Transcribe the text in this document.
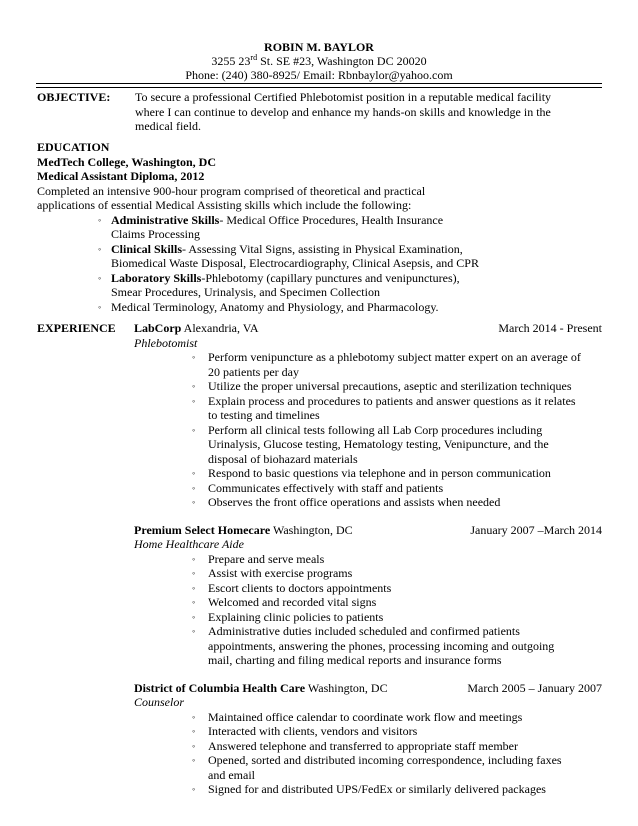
ROBIN M. BAYLOR
3255 23rd St. SE #23, Washington DC 20020
Phone: (240) 380-8925/ Email: Rbnbaylor@yahoo.com
OBJECTIVE: To secure a professional Certified Phlebotomist position in a reputable medical facility
where I can continue to develop and enhance my hands-on skills and knowledge in the
medical field.
EDUCATION
MedTech College, Washington, DC
Medical Assistant Diploma, 2012
Completed an intensive 900-hour program comprised of theoretical and practical
applications of essential Medical Assisting skills which include the following:
◦ Administrative Skills- Medical Office Procedures, Health Insurance
Claims Processing
◦ Clinical Skills- Assessing Vital Signs, assisting in Physical Examination,
Biomedical Waste Disposal, Electrocardiography, Clinical Asepsis, and CPR
◦ Laboratory Skills-Phlebotomy (capillary punctures and venipunctures),
Smear Procedures, Urinalysis, and Specimen Collection
◦ Medical Terminology, Anatomy and Physiology, and Pharmacology.
EXPERIENCE LabCorp Alexandria, VA	March 2014 - Present
Phlebotomist
◦ Perform venipuncture as a phlebotomy subject matter expert on an average of
20 patients per day
◦ Utilize the proper universal precautions, aseptic and sterilization techniques
◦ Explain process and procedures to patients and answer questions as it relates
to testing and timelines
◦ Perform all clinical tests following all Lab Corp procedures including
Urinalysis, Glucose testing, Hematology testing, Venipuncture, and the
disposal of biohazard materials
◦ Respond to basic questions via telephone and in person communication
◦ Communicates effectively with staff and patients
◦ Observes the front office operations and assists when needed
Premium Select Homecare Washington, DC	January 2007 –March 2014
Home Healthcare Aide
◦ Prepare and serve meals
◦ Assist with exercise programs
◦ Escort clients to doctors appointments
◦ Welcomed and recorded vital signs
◦ Explaining clinic policies to patients
◦ Administrative duties included scheduled and confirmed patients
appointments, answering the phones, processing incoming and outgoing
mail, charting and filing medical reports and insurance forms
District of Columbia Health Care Washington, DC	March 2005 – January 2007
Counselor
◦ Maintained office calendar to coordinate work flow and meetings
◦ Interacted with clients, vendors and visitors
◦ Answered telephone and transferred to appropriate staff member
◦ Opened, sorted and distributed incoming correspondence, including faxes
and email
◦ Signed for and distributed UPS/FedEx or similarly delivered packages
